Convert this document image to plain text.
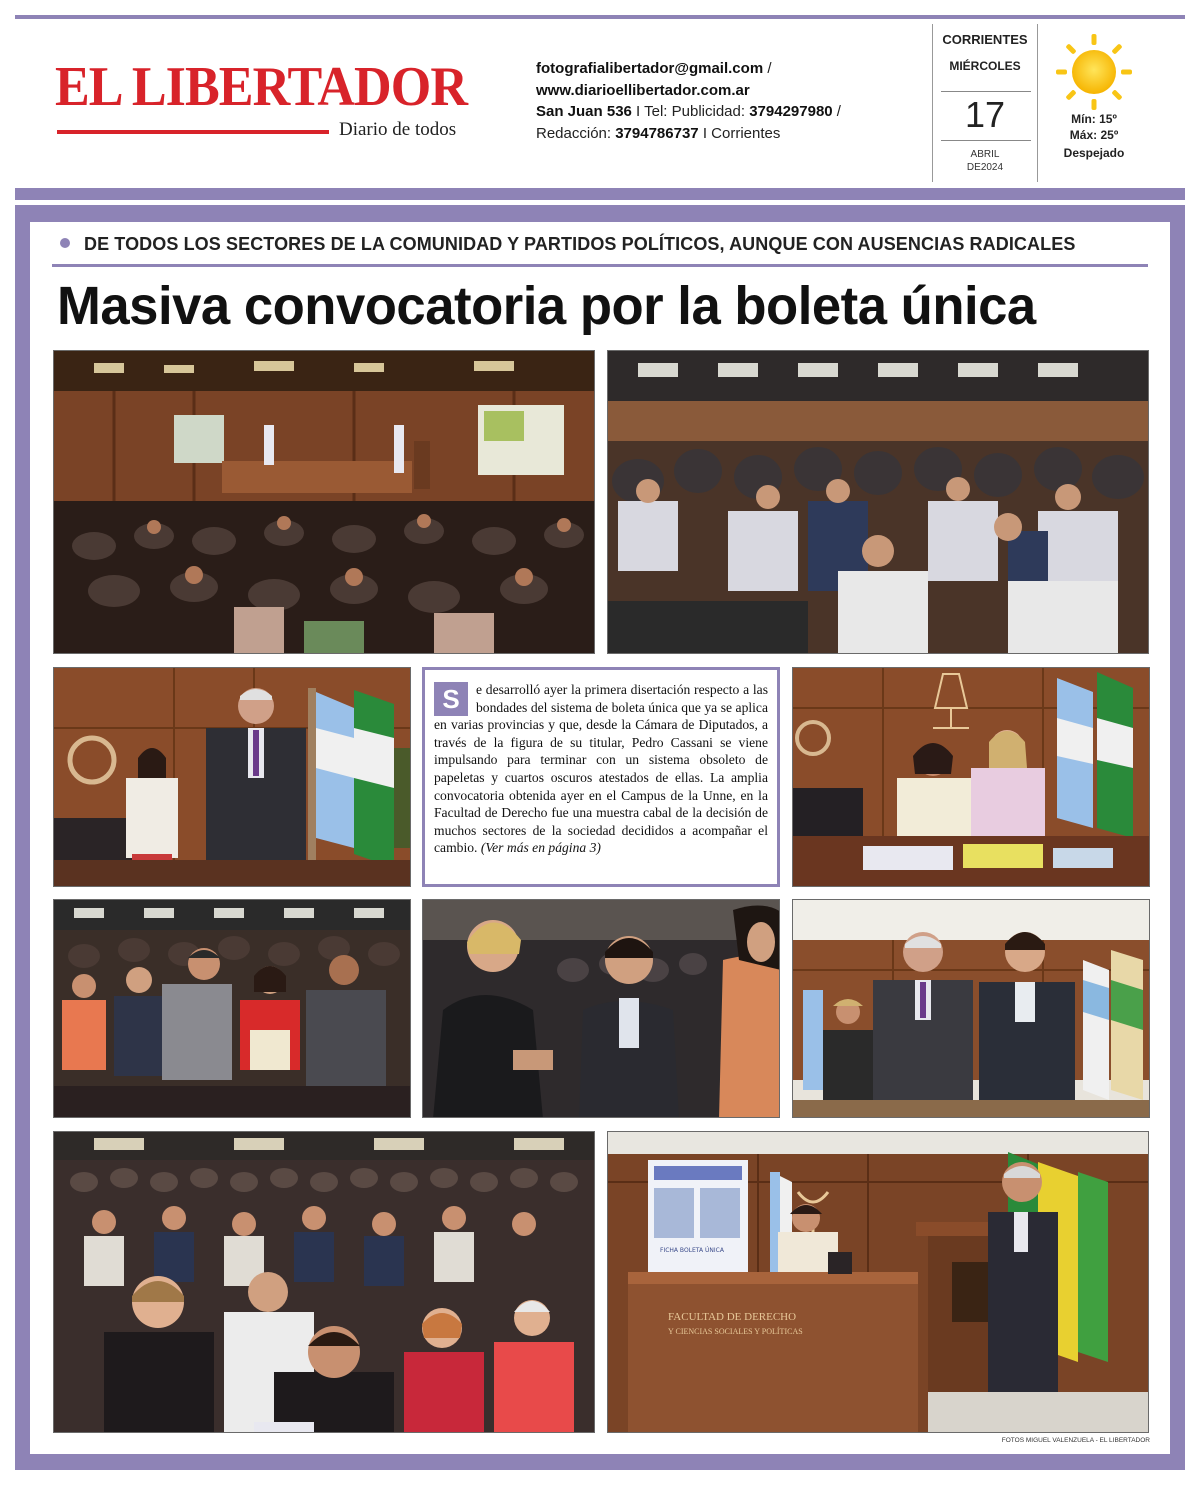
EL LIBERTADOR
Diario de todos
fotografialibertador@gmail.com /
www.diarioellibertador.com.ar
San Juan 536 I Tel: Publicidad: 3794297980 /
Redacción: 3794786737 I Corrientes
CORRIENTES
MIÉRCOLES
17
ABRIL
DE2024
Mín: 15º
Máx: 25º
Despejado
DE TODOS LOS SECTORES DE LA COMUNIDAD Y PARTIDOS POLÍTICOS, AUNQUE CON AUSENCIAS RADICALES
Masiva convocatoria por la boleta única
S	e desarrolló ayer la primera disertación respecto a las bondades del sistema de boleta única que ya se aplica en varias provincias y que, desde la Cámara de Diputados, a través de la figura de su titular, Pedro Cassani se viene impulsando para terminar con un sistema obsoleto de papeletas y cuartos oscuros atestados de ellas. La amplia convocatoria obtenida ayer en el Campus de la Unne, en la Facultad de Derecho fue una muestra cabal de la decisión de muchos sectores de la sociedad decididos a acompañar el cambio. (Ver más en página 3)
FICHA BOLETA ÚNICA
FACULTAD DE DERECHO
Y CIENCIAS SOCIALES Y POLÍTICAS
FOTOS MIGUEL VALENZUELA - EL LIBERTADOR
